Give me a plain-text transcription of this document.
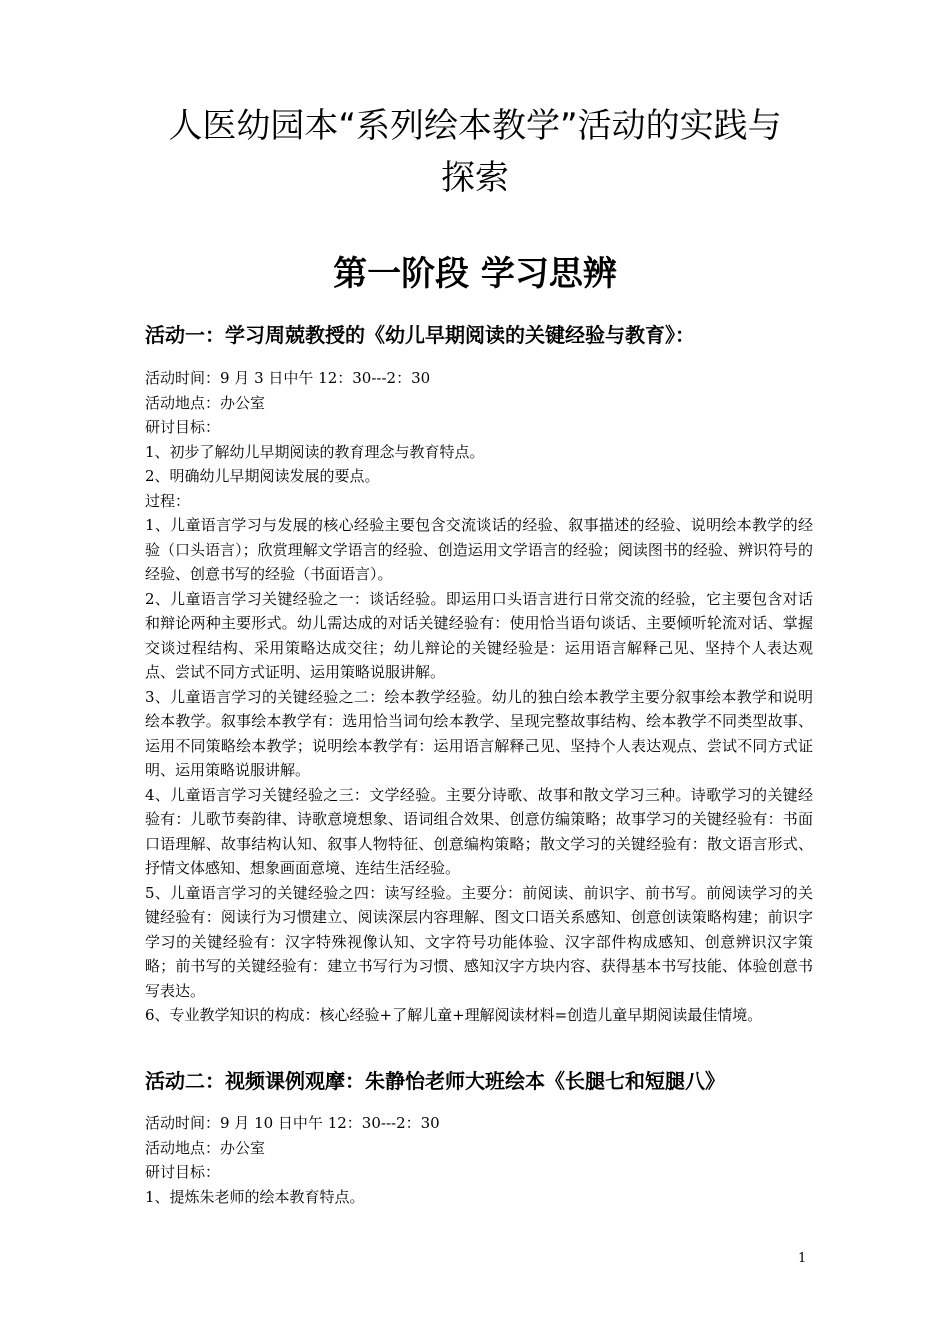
人医幼园本“系列绘本教学”活动的实践与
探索
第一阶段 学习思辨
活动一：学习周兢教授的《幼儿早期阅读的关键经验与教育》：

活动时间：9 月 3 日中午 12：30---2：30

活动地点：办公室

研讨目标：

1、初步了解幼儿早期阅读的教育理念与教育特点。

2、明确幼儿早期阅读发展的要点。

过程：

1、儿童语言学习与发展的核心经验主要包含交流谈话的经验、叙事描述的经验、说明绘本教学的经验（口头语言）；欣赏理解文学语言的经验、创造运用文学语言的经验；阅读图书的经验、辨识符号的经验、创意书写的经验（书面语言）。

2、儿童语言学习关键经验之一：谈话经验。即运用口头语言进行日常交流的经验，它主要包含对话和辩论两种主要形式。幼儿需达成的对话关键经验有：使用恰当语句谈话、主要倾听轮流对话、掌握交谈过程结构、采用策略达成交往；幼儿辩论的关键经验是：运用语言解释己见、坚持个人表达观点、尝试不同方式证明、运用策略说服讲解。

3、儿童语言学习的关键经验之二：绘本教学经验。幼儿的独白绘本教学主要分叙事绘本教学和说明绘本教学。叙事绘本教学有：选用恰当词句绘本教学、呈现完整故事结构、绘本教学不同类型故事、运用不同策略绘本教学；说明绘本教学有：运用语言解释己见、坚持个人表达观点、尝试不同方式证明、运用策略说服讲解。

4、儿童语言学习关键经验之三：文学经验。主要分诗歌、故事和散文学习三种。诗歌学习的关键经验有：儿歌节奏韵律、诗歌意境想象、语词组合效果、创意仿编策略；故事学习的关键经验有：书面口语理解、故事结构认知、叙事人物特征、创意编构策略；散文学习的关键经验有：散文语言形式、抒情文体感知、想象画面意境、连结生活经验。

5、儿童语言学习的关键经验之四：读写经验。主要分：前阅读、前识字、前书写。前阅读学习的关键经验有：阅读行为习惯建立、阅读深层内容理解、图文口语关系感知、创意创读策略构建；前识字学习的关键经验有：汉字特殊视像认知、文字符号功能体验、汉字部件构成感知、创意辨识汉字策略；前书写的关键经验有：建立书写行为习惯、感知汉字方块内容、获得基本书写技能、体验创意书写表达。

6、专业教学知识的构成：核心经验+了解儿童+理解阅读材料=创造儿童早期阅读最佳情境。

活动二：视频课例观摩：朱静怡老师大班绘本《长腿七和短腿八》

活动时间：9 月 10 日中午 12：30---2：30

活动地点：办公室

研讨目标：

1、提炼朱老师的绘本教育特点。

1
